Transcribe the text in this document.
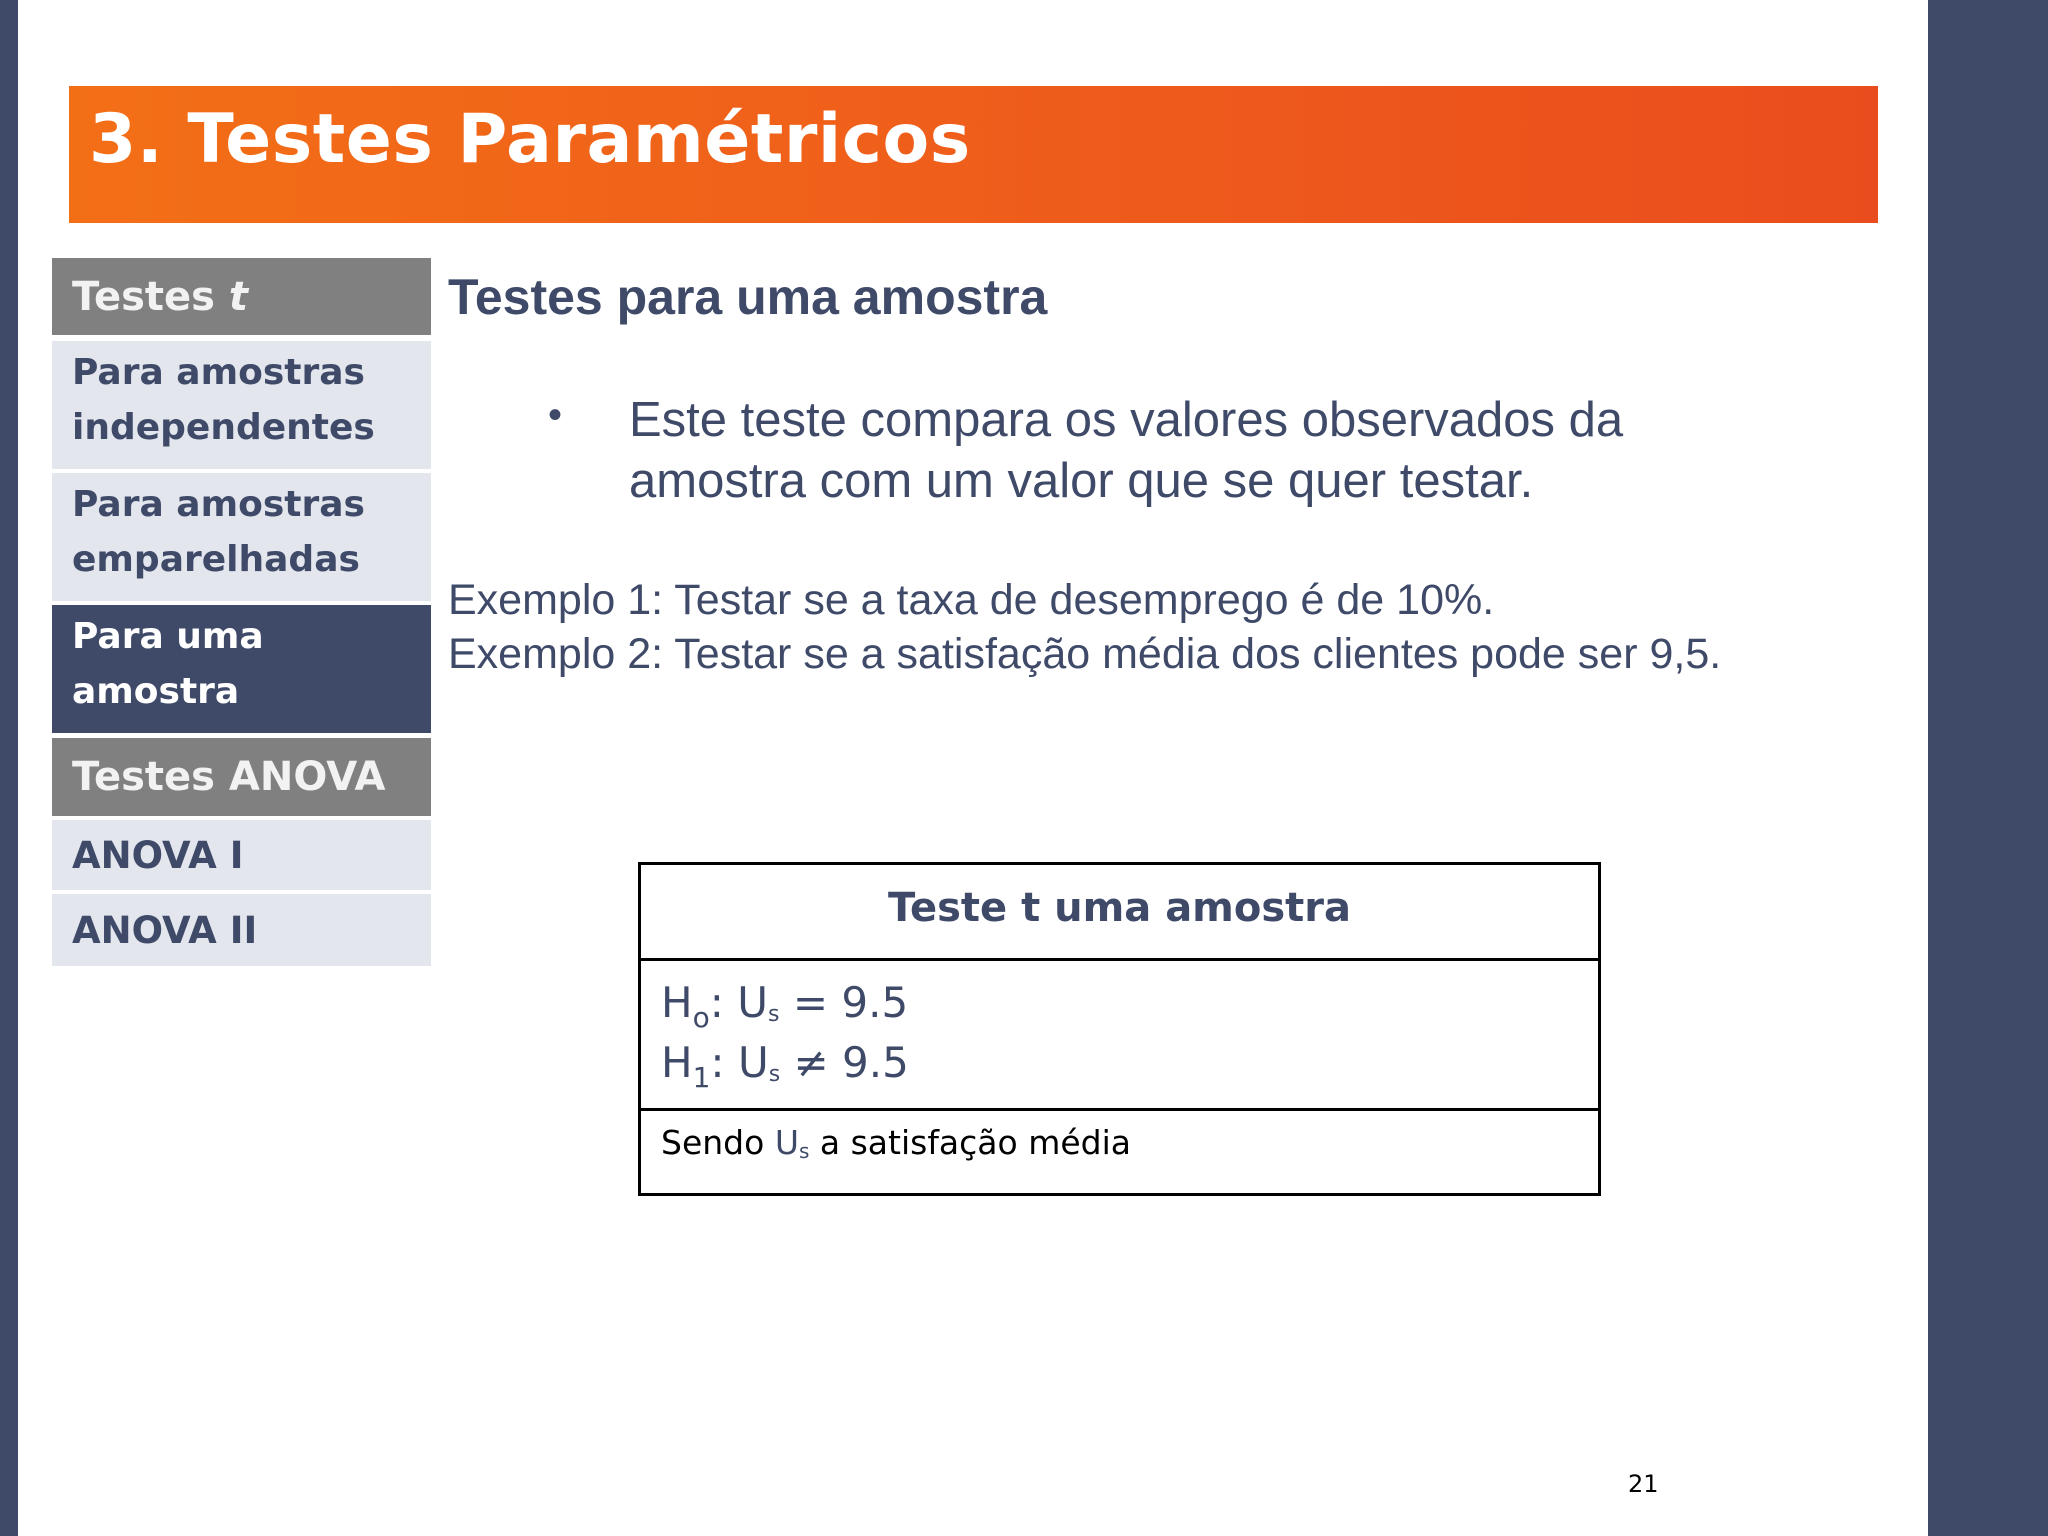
3. Testes Paramétricos
Testes t
Para amostras
independentes
Para amostras
emparelhadas
Para uma
amostra
Testes ANOVA
ANOVA I
ANOVA II
Testes para uma amostra
• Este teste compara os valores observados da amostra com um valor que se quer testar.
Exemplo 1: Testar se a taxa de desemprego é de 10%.
Exemplo 2: Testar se a satisfação média dos clientes pode ser 9,5.
Teste t uma amostra
$H_o$: Us = 9.5
$H_1$: Us ≠ 9.5
Sendo Us a satisfação média
21
